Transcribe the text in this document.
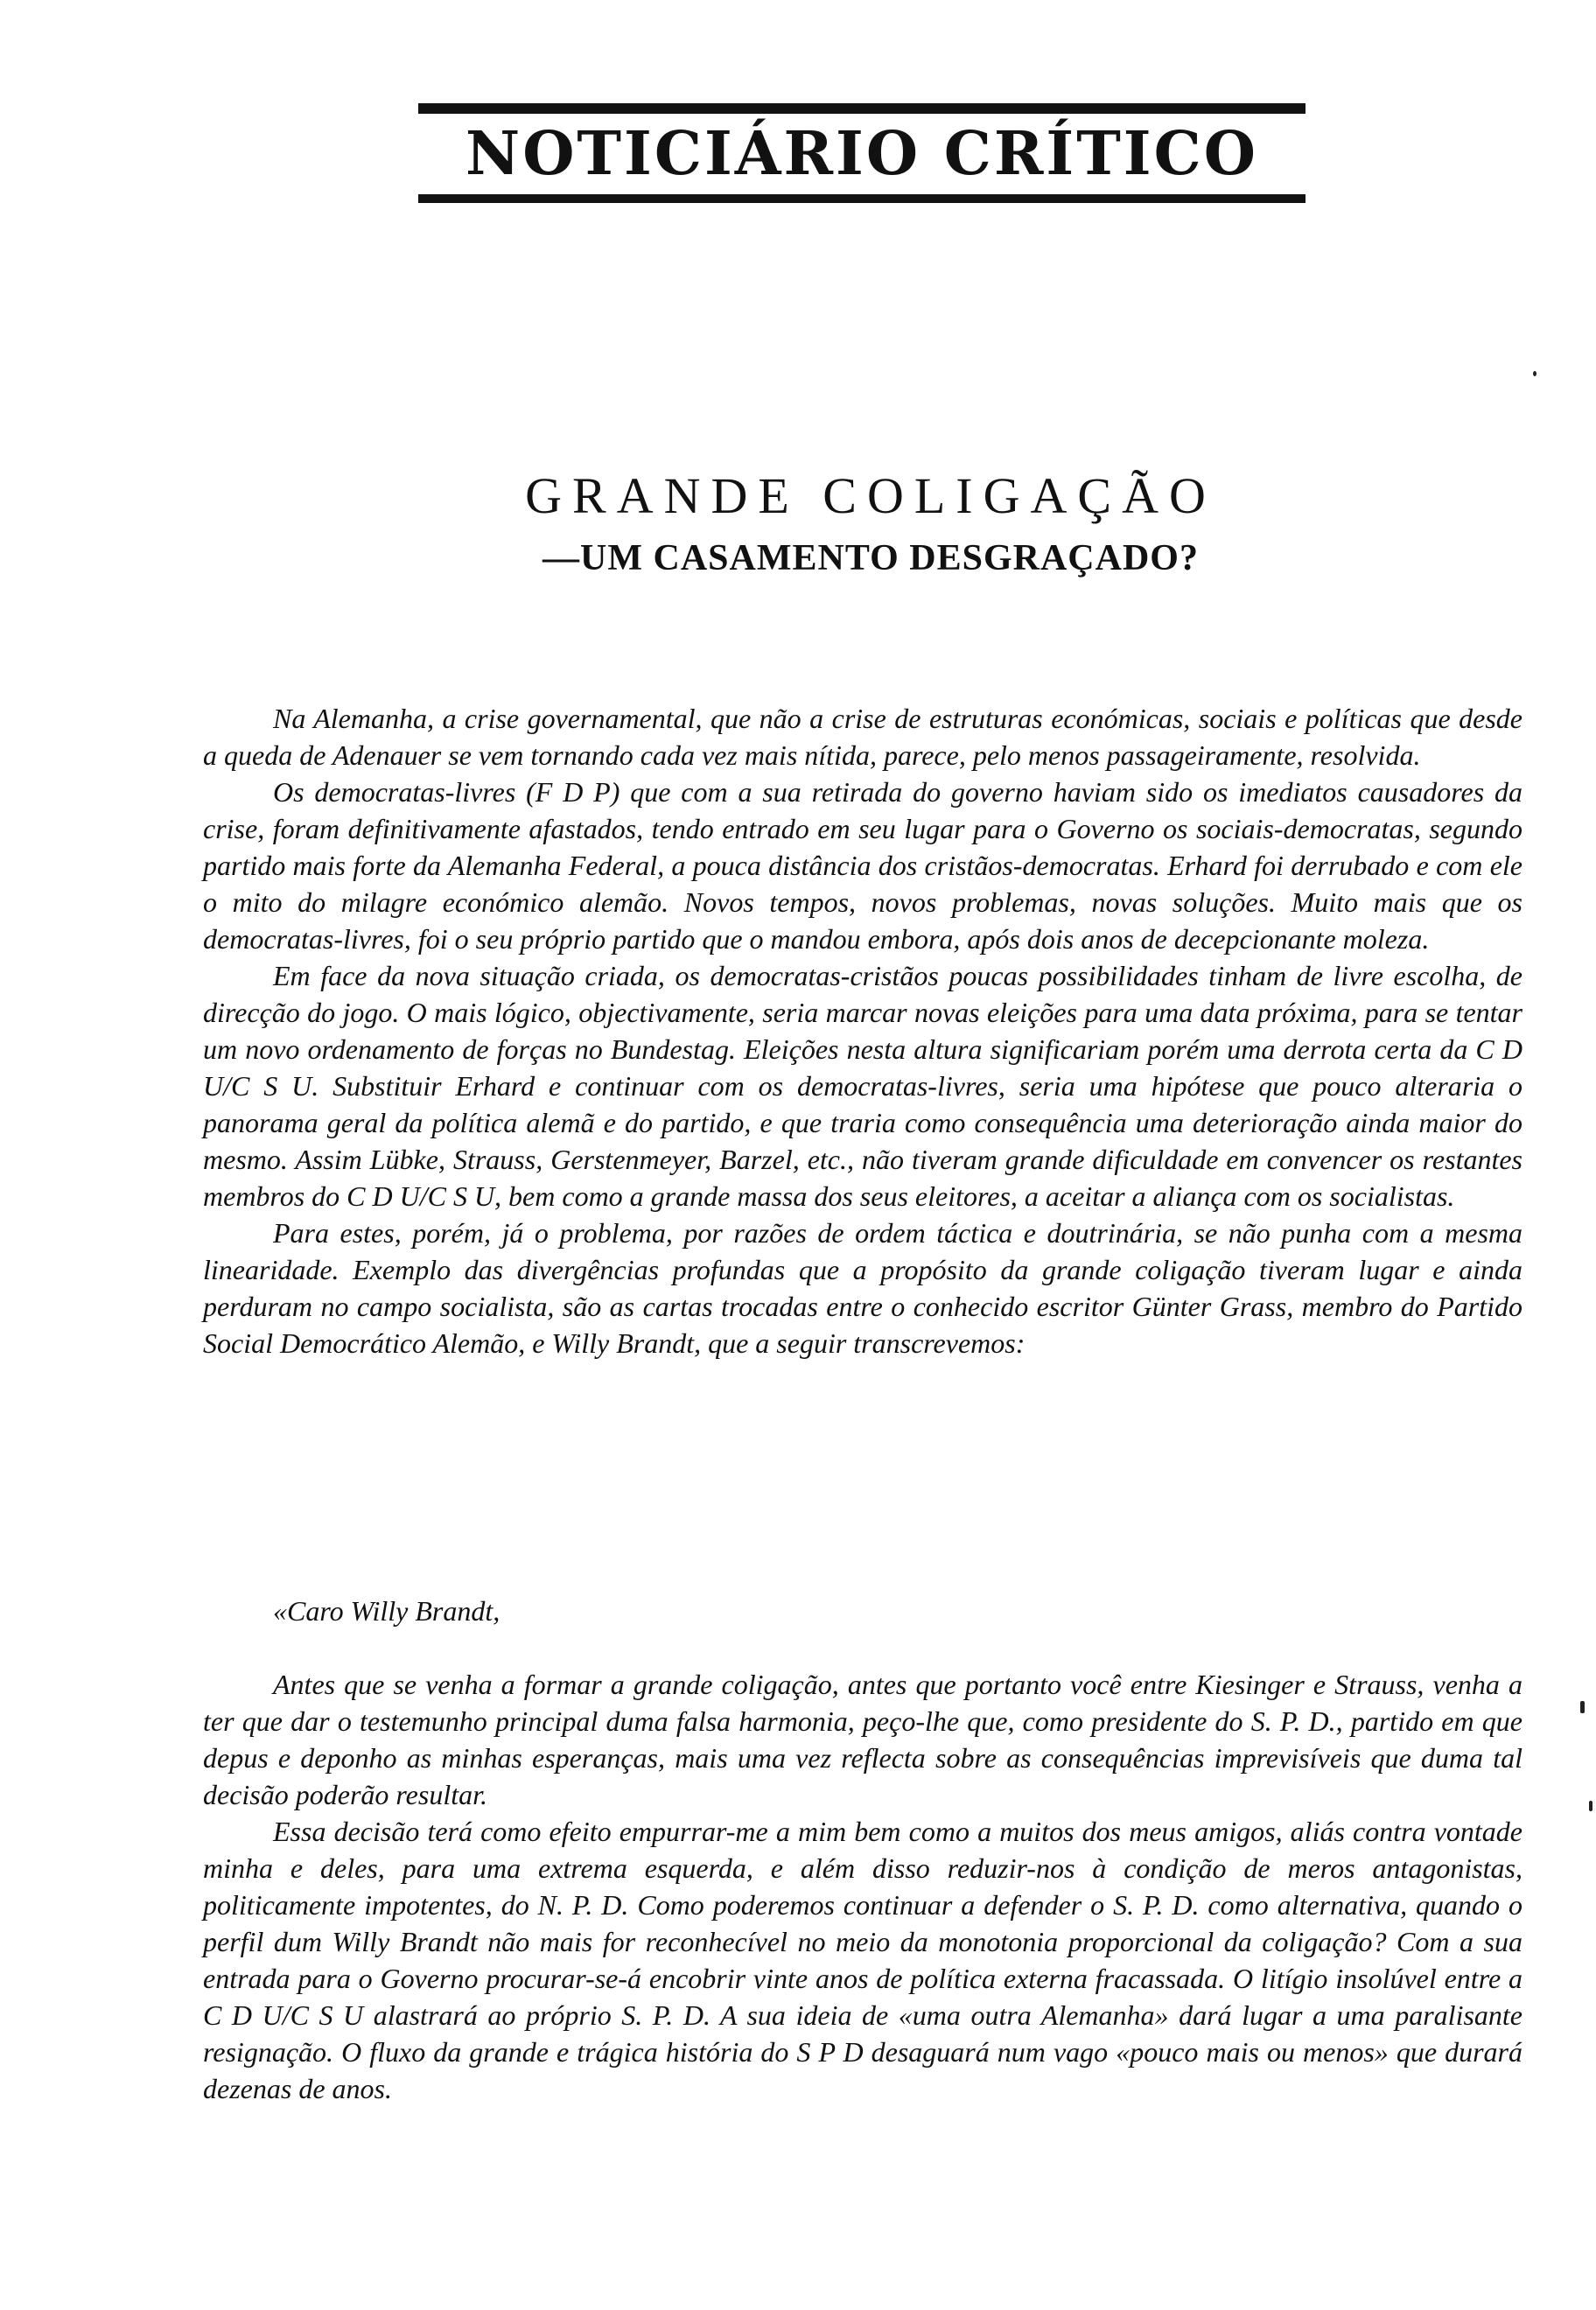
NOTICIÁRIO CRÍTICO
GRANDE COLIGAÇÃO
—UM CASAMENTO DESGRAÇADO?

Na Alemanha, a crise governamental, que não a crise de estruturas económicas, sociais e políticas que desde a queda de Adenauer se vem tornando cada vez mais nítida, parece, pelo menos passageiramente, resolvida.

Os democratas-livres (F D P) que com a sua retirada do governo haviam sido os imediatos causadores da crise, foram definitivamente afastados, tendo entrado em seu lugar para o Governo os sociais-democratas, segundo partido mais forte da Alemanha Federal, a pouca distância dos cristãos-democratas. Erhard foi derrubado e com ele o mito do milagre económico alemão. Novos tempos, novos problemas, novas soluções. Muito mais que os democratas-livres, foi o seu próprio partido que o mandou embora, após dois anos de decepcionante moleza.

Em face da nova situação criada, os democratas-cristãos poucas possibilidades tinham de livre escolha, de direcção do jogo. O mais lógico, objectivamente, seria marcar novas eleições para uma data próxima, para se tentar um novo ordenamento de forças no Bundestag. Eleições nesta altura significariam porém uma derrota certa da C D U/C S U. Substituir Erhard e continuar com os democratas-livres, seria uma hipótese que pouco alteraria o panorama geral da política alemã e do partido, e que traria como consequência uma deterioração ainda maior do mesmo. Assim Lübke, Strauss, Gerstenmeyer, Barzel, etc., não tiveram grande dificuldade em convencer os restantes membros do C D U/C S U, bem como a grande massa dos seus eleitores, a aceitar a aliança com os socialistas.

Para estes, porém, já o problema, por razões de ordem táctica e doutrinária, se não punha com a mesma linearidade. Exemplo das divergências profundas que a propósito da grande coligação tiveram lugar e ainda perduram no campo socialista, são as cartas trocadas entre o conhecido escritor Günter Grass, membro do Partido Social Democrático Alemão, e Willy Brandt, que a seguir transcrevemos:

«Caro Willy Brandt,

Antes que se venha a formar a grande coligação, antes que portanto você entre Kiesinger e Strauss, venha a ter que dar o testemunho principal duma falsa harmonia, peço-lhe que, como presidente do S. P. D., partido em que depus e deponho as minhas esperanças, mais uma vez reflecta sobre as consequências imprevisíveis que duma tal decisão poderão resultar.

Essa decisão terá como efeito empurrar-me a mim bem como a muitos dos meus amigos, aliás contra vontade minha e deles, para uma extrema esquerda, e além disso reduzir-nos à condição de meros antagonistas, politicamente impotentes, do N. P. D. Como poderemos continuar a defender o S. P. D. como alternativa, quando o perfil dum Willy Brandt não mais for reconhecível no meio da monotonia proporcional da coligação? Com a sua entrada para o Governo procurar-se-á encobrir vinte anos de política externa fracassada. O litígio insolúvel entre a C D U/C S U alastrará ao próprio S. P. D. A sua ideia de «uma outra Alemanha» dará lugar a uma paralisante resignação. O fluxo da grande e trágica história do S P D desaguará num vago «pouco mais ou menos» que durará dezenas de anos.
